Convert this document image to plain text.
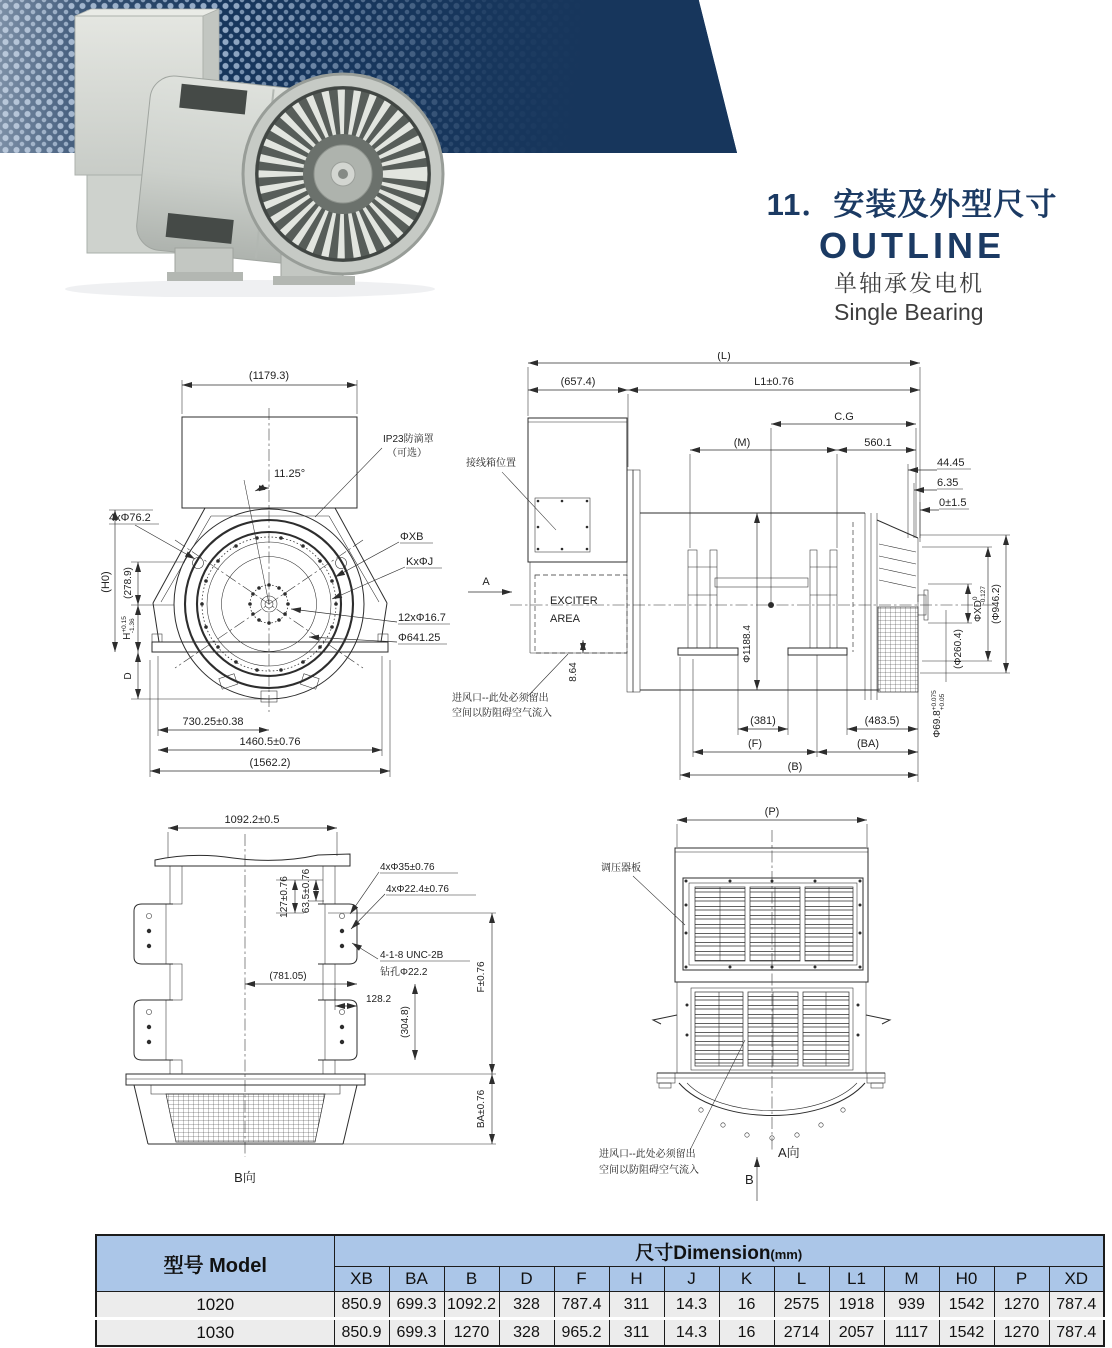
11．安装及外型尺寸
OUTLINE
单轴承发电机
Single Bearing
(1179.3)
11.25°
IP23防滴罩
（可选）
ΦXB
KxΦJ
12xΦ16.7
Φ641.25
4xΦ76.2
(H0) (278.9)
$H^{+0.15}-1.36$
D
730.25±0.38
1460.5±0.76
(1562.2)
(L)
(657.4)	L1±0.76
接线箱位置
EXCITER
AREA
A
8.64
(Φ946.2)
ΦXD$^0$-0.127
(Φ260.4)
$\Phi 69.8^{+0.075}+0.05$
44.45
6.35
0±1.5
C.G
(M)	560.1
Φ1188.4
(381)	(483.5)
(F)	(BA)
(B)
进风口--此处必须留出
空间以防阻碍空气流入
1092.2±0.5
B向
127±0.76 63.5±0.76
4xΦ35±0.76
4xΦ22.4±0.76
4-1-8 UNC-2B
钻孔Φ22.2
(781.05)
128.2
(304.8)
F±0.76
BA±0.76
(P)
调压器板
A向
B
进风口--此处必须留出
空间以防阻碍空气流入
型号 Model	尺寸Dimension(mm)													
	XB	BA	B	D	F	H	J	K	L	L1	M	H0	P	XD
1020	850.9	699.3	1092.2	328	787.4	311	14.3	16	2575	1918	939	1542	1270	787.4
1030	850.9	699.3	1270	328	965.2	311	14.3	16	2714	2057	1117	1542	1270	787.4
